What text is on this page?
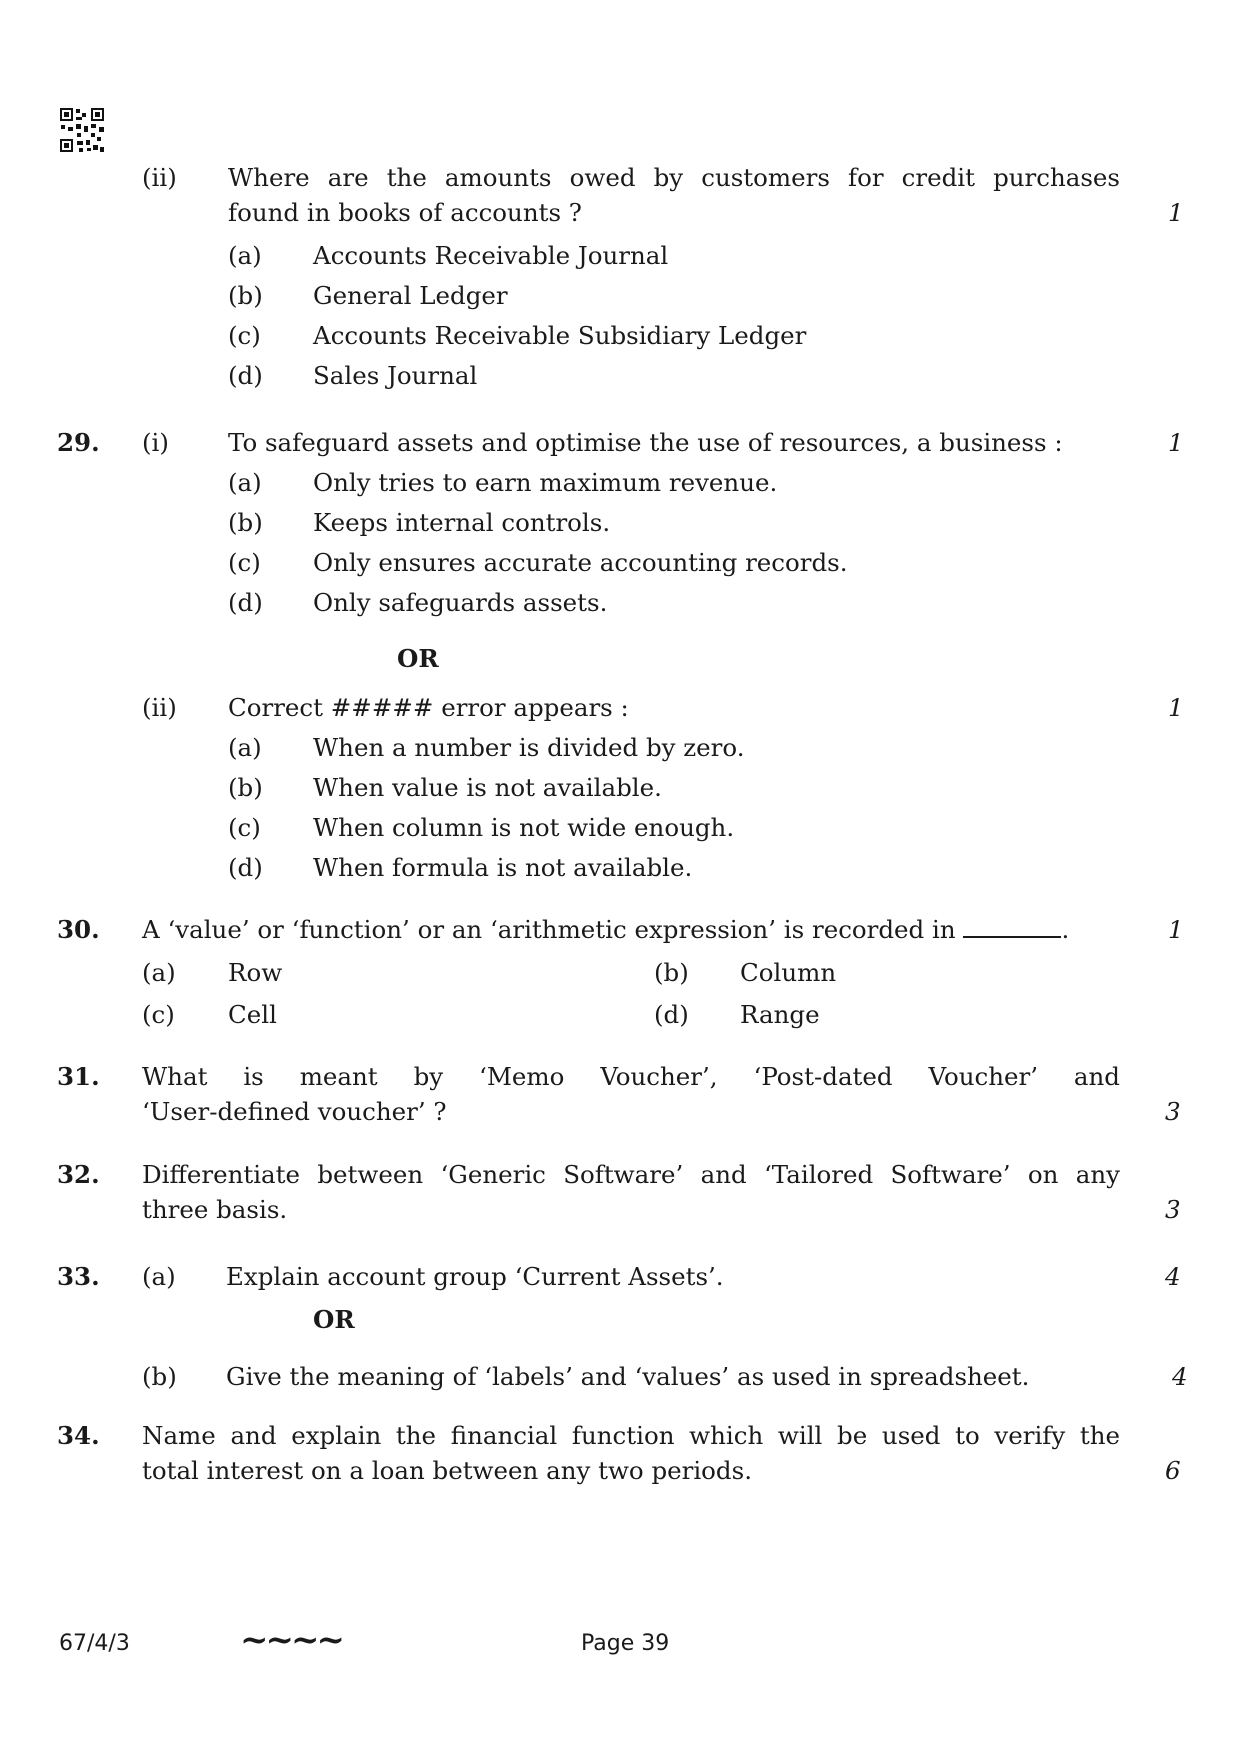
(ii) Where are the amounts owed by customers for credit purchases
found in books of accounts ?	1
(a) Accounts Receivable Journal
(b) General Ledger
(c) Accounts Receivable Subsidiary Ledger
(d) Sales Journal
29. (i) To safeguard assets and optimise the use of resources, a business :	1
(a) Only tries to earn maximum revenue.
(b) Keeps internal controls.
(c) Only ensures accurate accounting records.
(d) Only safeguards assets.
OR
(ii) Correct ##### error appears :	1
(a) When a number is divided by zero.
(b) When value is not available.
(c) When column is not wide enough.
(d) When formula is not available.
30. A ‘value’ or ‘function’ or an ‘arithmetic expression’ is recorded in	.	1
(a) Row	(b) Column
(c) Cell	(d) Range
31. What is meant by ‘Memo Voucher’, ‘Post-dated Voucher’ and
‘User-defined voucher’ ?	3
32. Differentiate between ‘Generic Software’ and ‘Tailored Software’ on any
three basis.	3
33. (a) Explain account group ‘Current Assets’.	4
OR
(b) Give the meaning of ‘labels’ and ‘values’ as used in spreadsheet.	4
34. Name and explain the financial function which will be used to verify the
total interest on a loan between any two periods.	6
67/4/3	~~~~	Page 39
